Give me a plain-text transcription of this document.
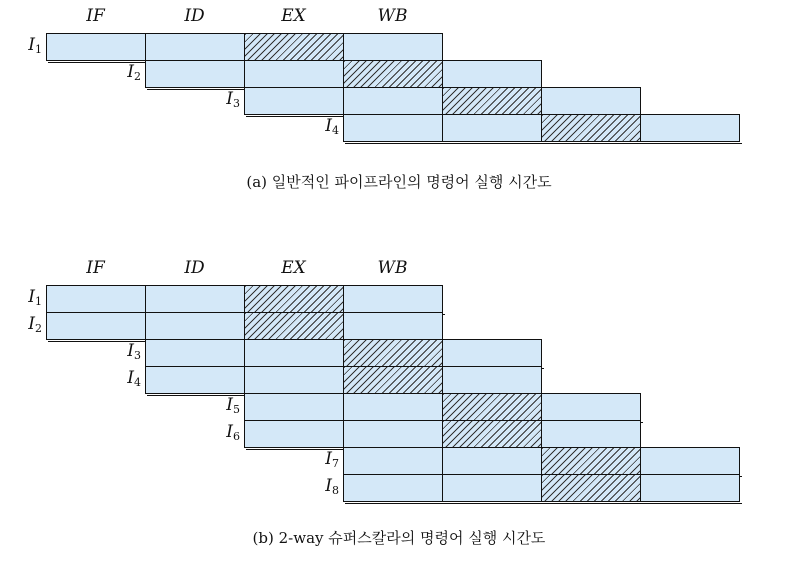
IF	ID	EX	WB
$I_1$
$I_2$
$I_3$
$I_4$
(a) 일반적인 파이프라인의 명령어 실행 시간도
IF	ID	EX	WB
$I_1$
$I_2$
$I_3$
$I_4$
$I_5$
$I_6$
$I_7$
$I_8$
(b) 2-way 슈퍼스칼라의 명령어 실행 시간도
